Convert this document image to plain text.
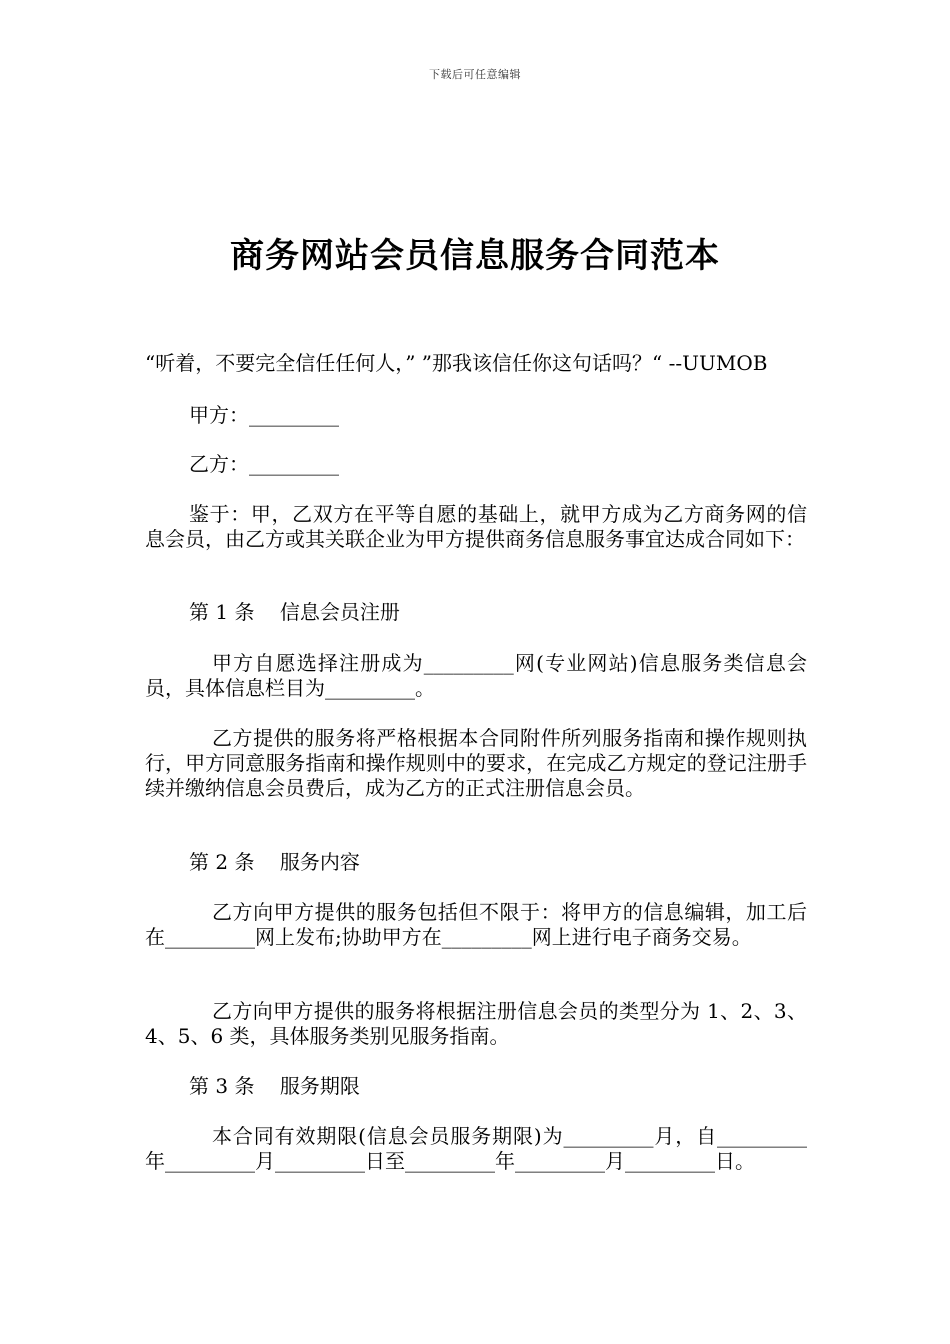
下载后可任意编辑
商务网站会员信息服务合同范本
“听着，不要完全信任任何人，” ”那我该信任你这句话吗？“ --UUMOB
甲方：_________
乙方：_________
鉴于：甲，乙双方在平等自愿的基础上，就甲方成为乙方商务网的信息会员，由乙方或其关联企业为甲方提供商务信息服务事宜达成合同如下：
第 1 条    信息会员注册
甲方自愿选择注册成为_________网(专业网站)信息服务类信息会员，具体信息栏目为_________。
乙方提供的服务将严格根据本合同附件所列服务指南和操作规则执行，甲方同意服务指南和操作规则中的要求，在完成乙方规定的登记注册手续并缴纳信息会员费后，成为乙方的正式注册信息会员。
第 2 条    服务内容
乙方向甲方提供的服务包括但不限于：将甲方的信息编辑，加工后在_________网上发布;协助甲方在_________网上进行电子商务交易。
乙方向甲方提供的服务将根据注册信息会员的类型分为 1、2、3、4、5、6 类，具体服务类别见服务指南。
第 3 条    服务期限
本合同有效期限(信息会员服务期限)为_________月，自_________年_________月_________日至_________年_________月_________日。
